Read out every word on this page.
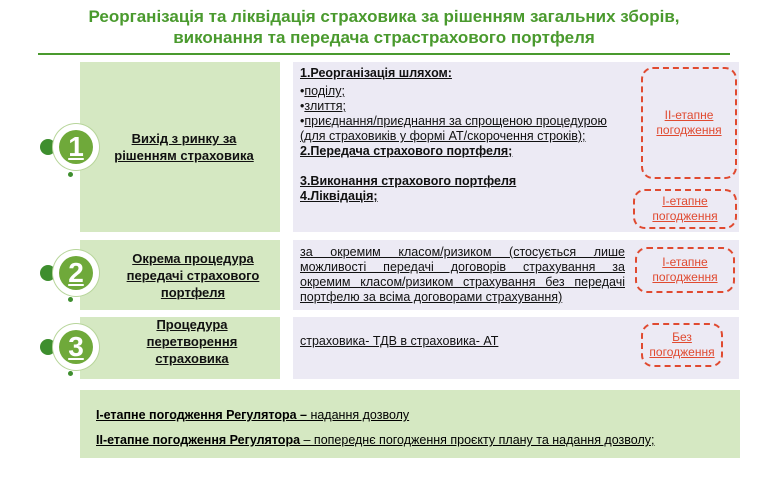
Реорганізація та ліквідація страховика за рішенням загальних зборів,
виконання та передача стрaстрахового портфеля
Вихід з ринку за рішенням страховика
1
1.Реорганізація шляхом:
•поділу;
•злиття;
•приєднання/приєднання за спрощеною процедурою
(для страховиків у формі АТ/скорочення строків);
2.Передача страхового портфеля;
3.Виконання страхового портфеля
4.Ліквідація;
ІІ-етапне погодження
І-етапне погодження
Окрема процедура передачі страхового портфеля
2
за окремим класом/ризиком (стосується лише можливості передачі договорів страхування за окремим класом/ризиком страхування без передачі портфелю за всіма договорами страхування)
І-етапне погодження
Процедура перетворення страховика
3	страховика- ТДВ в страховика- АТ	Без погодження

І-етапне погодження Регулятора – надання дозволу

ІІ-етапне погодження Регулятора – попереднє погодження проєкту плану та надання дозволу;
